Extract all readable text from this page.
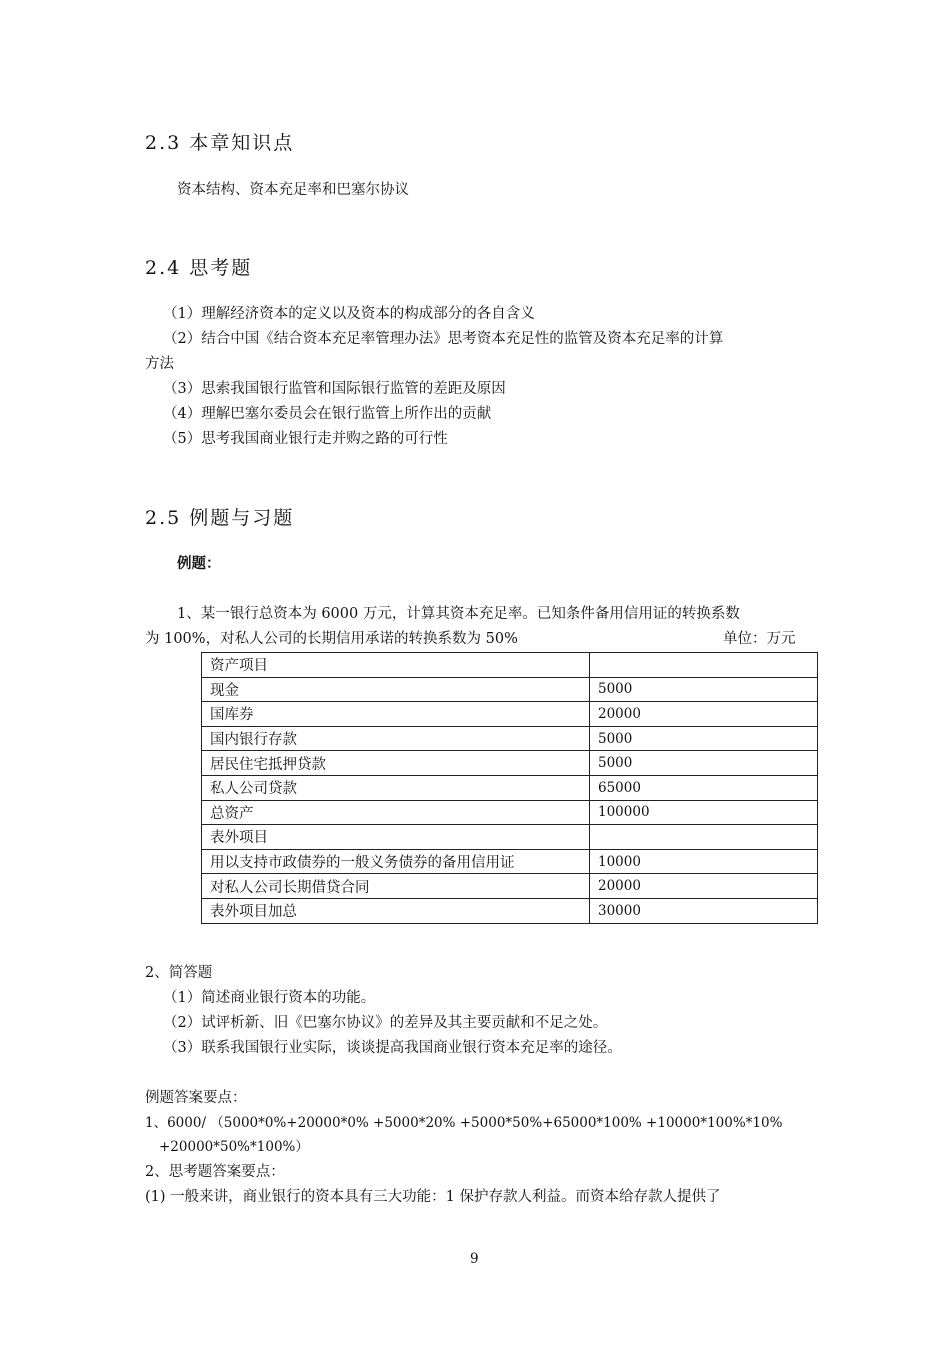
2.3 本章知识点
资本结构、资本充足率和巴塞尔协议
2.4 思考题
（1）理解经济资本的定义以及资本的构成部分的各自含义
（2）结合中国《结合资本充足率管理办法》思考资本充足性的监管及资本充足率的计算
方法
（3）思索我国银行监管和国际银行监管的差距及原因
（4）理解巴塞尔委员会在银行监管上所作出的贡献
（5）思考我国商业银行走并购之路的可行性
2.5 例题与习题
例题：
1、某一银行总资本为 6000 万元，计算其资本充足率。已知条件备用信用证的转换系数
为 100%，对私人公司的长期信用承诺的转换系数为 50%	单位：万元
资产项目	
现金	5000
国库券	20000
国内银行存款	5000
居民住宅抵押贷款	5000
私人公司贷款	65000
总资产	100000
表外项目	
用以支持市政债券的一般义务债券的备用信用证	10000
对私人公司长期借贷合同	20000
表外项目加总	30000
2、简答题
（1）简述商业银行资本的功能。
（2）试评析新、旧《巴塞尔协议》的差异及其主要贡献和不足之处。
（3）联系我国银行业实际，谈谈提高我国商业银行资本充足率的途径。
例题答案要点：
1、6000/ （5000*0%+20000*0% +5000*20% +5000*50%+65000*100% +10000*100%*10%
+20000*50%*100%）
2、思考题答案要点：
(1) 一般来讲，商业银行的资本具有三大功能：1 保护存款人利益。而资本给存款人提供了
9
